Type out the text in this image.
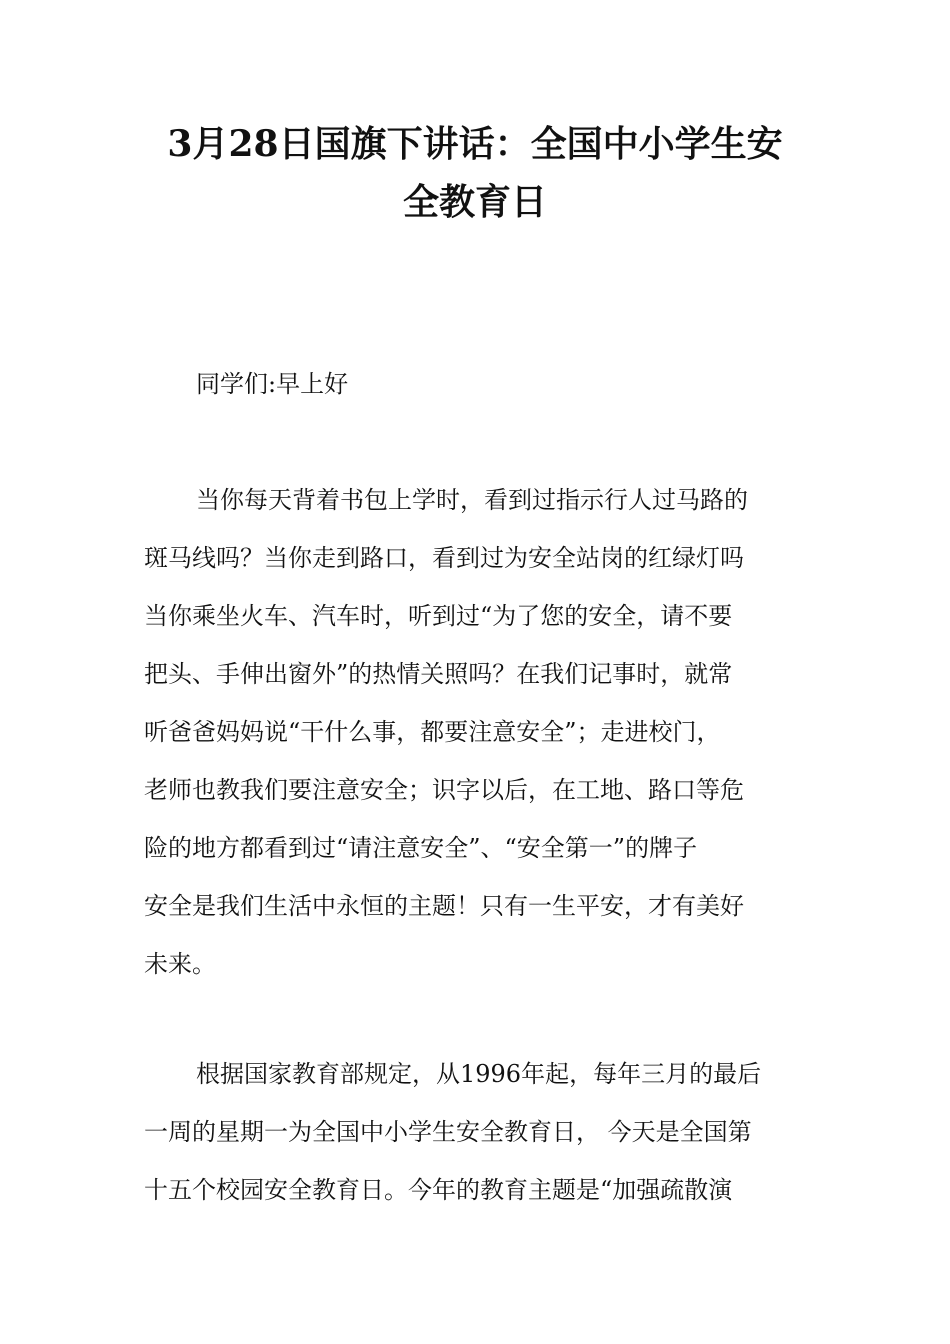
3月28日国旗下讲话：全国中小学生安
全教育日

同学们:早上好

当你每天背着书包上学时，看到过指示行人过马路的
斑马线吗？当你走到路口，看到过为安全站岗的红绿灯吗
当你乘坐火车、汽车时，听到过“为了您的安全，请不要
把头、手伸出窗外”的热情关照吗？在我们记事时，就常
听爸爸妈妈说“干什么事，都要注意安全”；走进校门，
老师也教我们要注意安全；识字以后，在工地、路口等危
险的地方都看到过“请注意安全”、“安全第一”的牌子
安全是我们生活中永恒的主题！只有一生平安，才有美好
未来。

根据国家教育部规定，从1996年起，每年三月的最后
一周的星期一为全国中小学生安全教育日， 今天是全国第
十五个校园安全教育日。今年的教育主题是“加强疏散演
